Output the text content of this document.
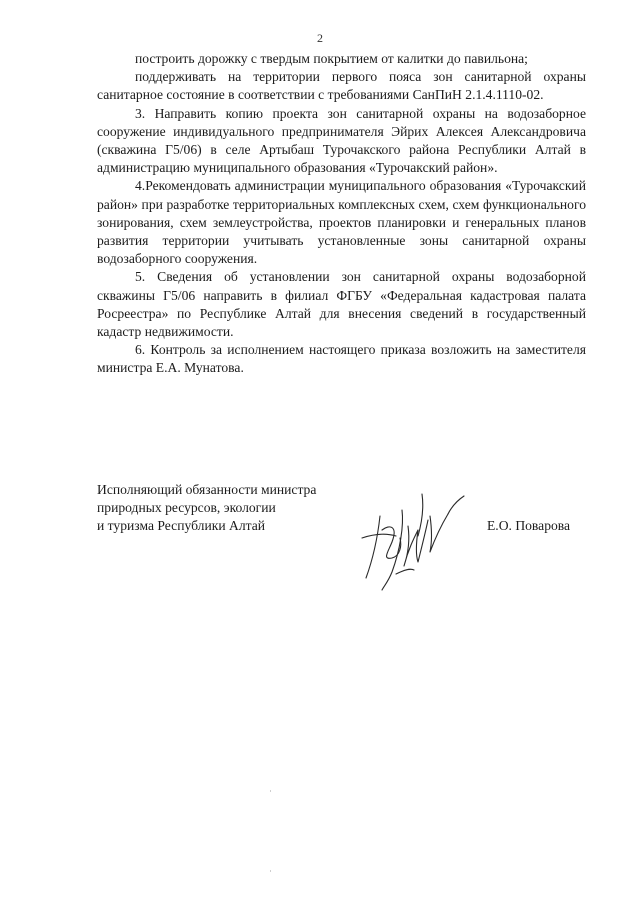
2

построить дорожку с твердым покрытием от калитки до павильона;

поддерживать на территории первого пояса зон санитарной охраны санитарное состояние в соответствии с требованиями СанПиН 2.1.4.1110-02.

3. Направить копию проекта зон санитарной охраны на водозаборное сооружение индивидуального предпринимателя Эйрих Алексея Александровича (скважина Г5/06) в селе Артыбаш Турочакского района Республики Алтай в администрацию муниципального образования «Турочакский район».

4.Рекомендовать администрации муниципального образования «Турочакский район» при разработке территориальных комплексных схем, схем функционального зонирования, схем землеустройства, проектов планировки и генеральных планов развития территории учитывать установленные зоны санитарной охраны водозаборного сооружения.

5. Сведения об установлении зон санитарной охраны водозаборной скважины Г5/06 направить в филиал ФГБУ «Федеральная кадастровая палата Росреестра» по Республике Алтай для внесения сведений в государственный кадастр недвижимости.

6. Контроль за исполнением настоящего приказа возложить на заместителя министра Е.А. Мунатова.

Исполняющий обязанности министра
природных ресурсов, экологии
и туризма Республики Алтай	Е.О. Поварова
